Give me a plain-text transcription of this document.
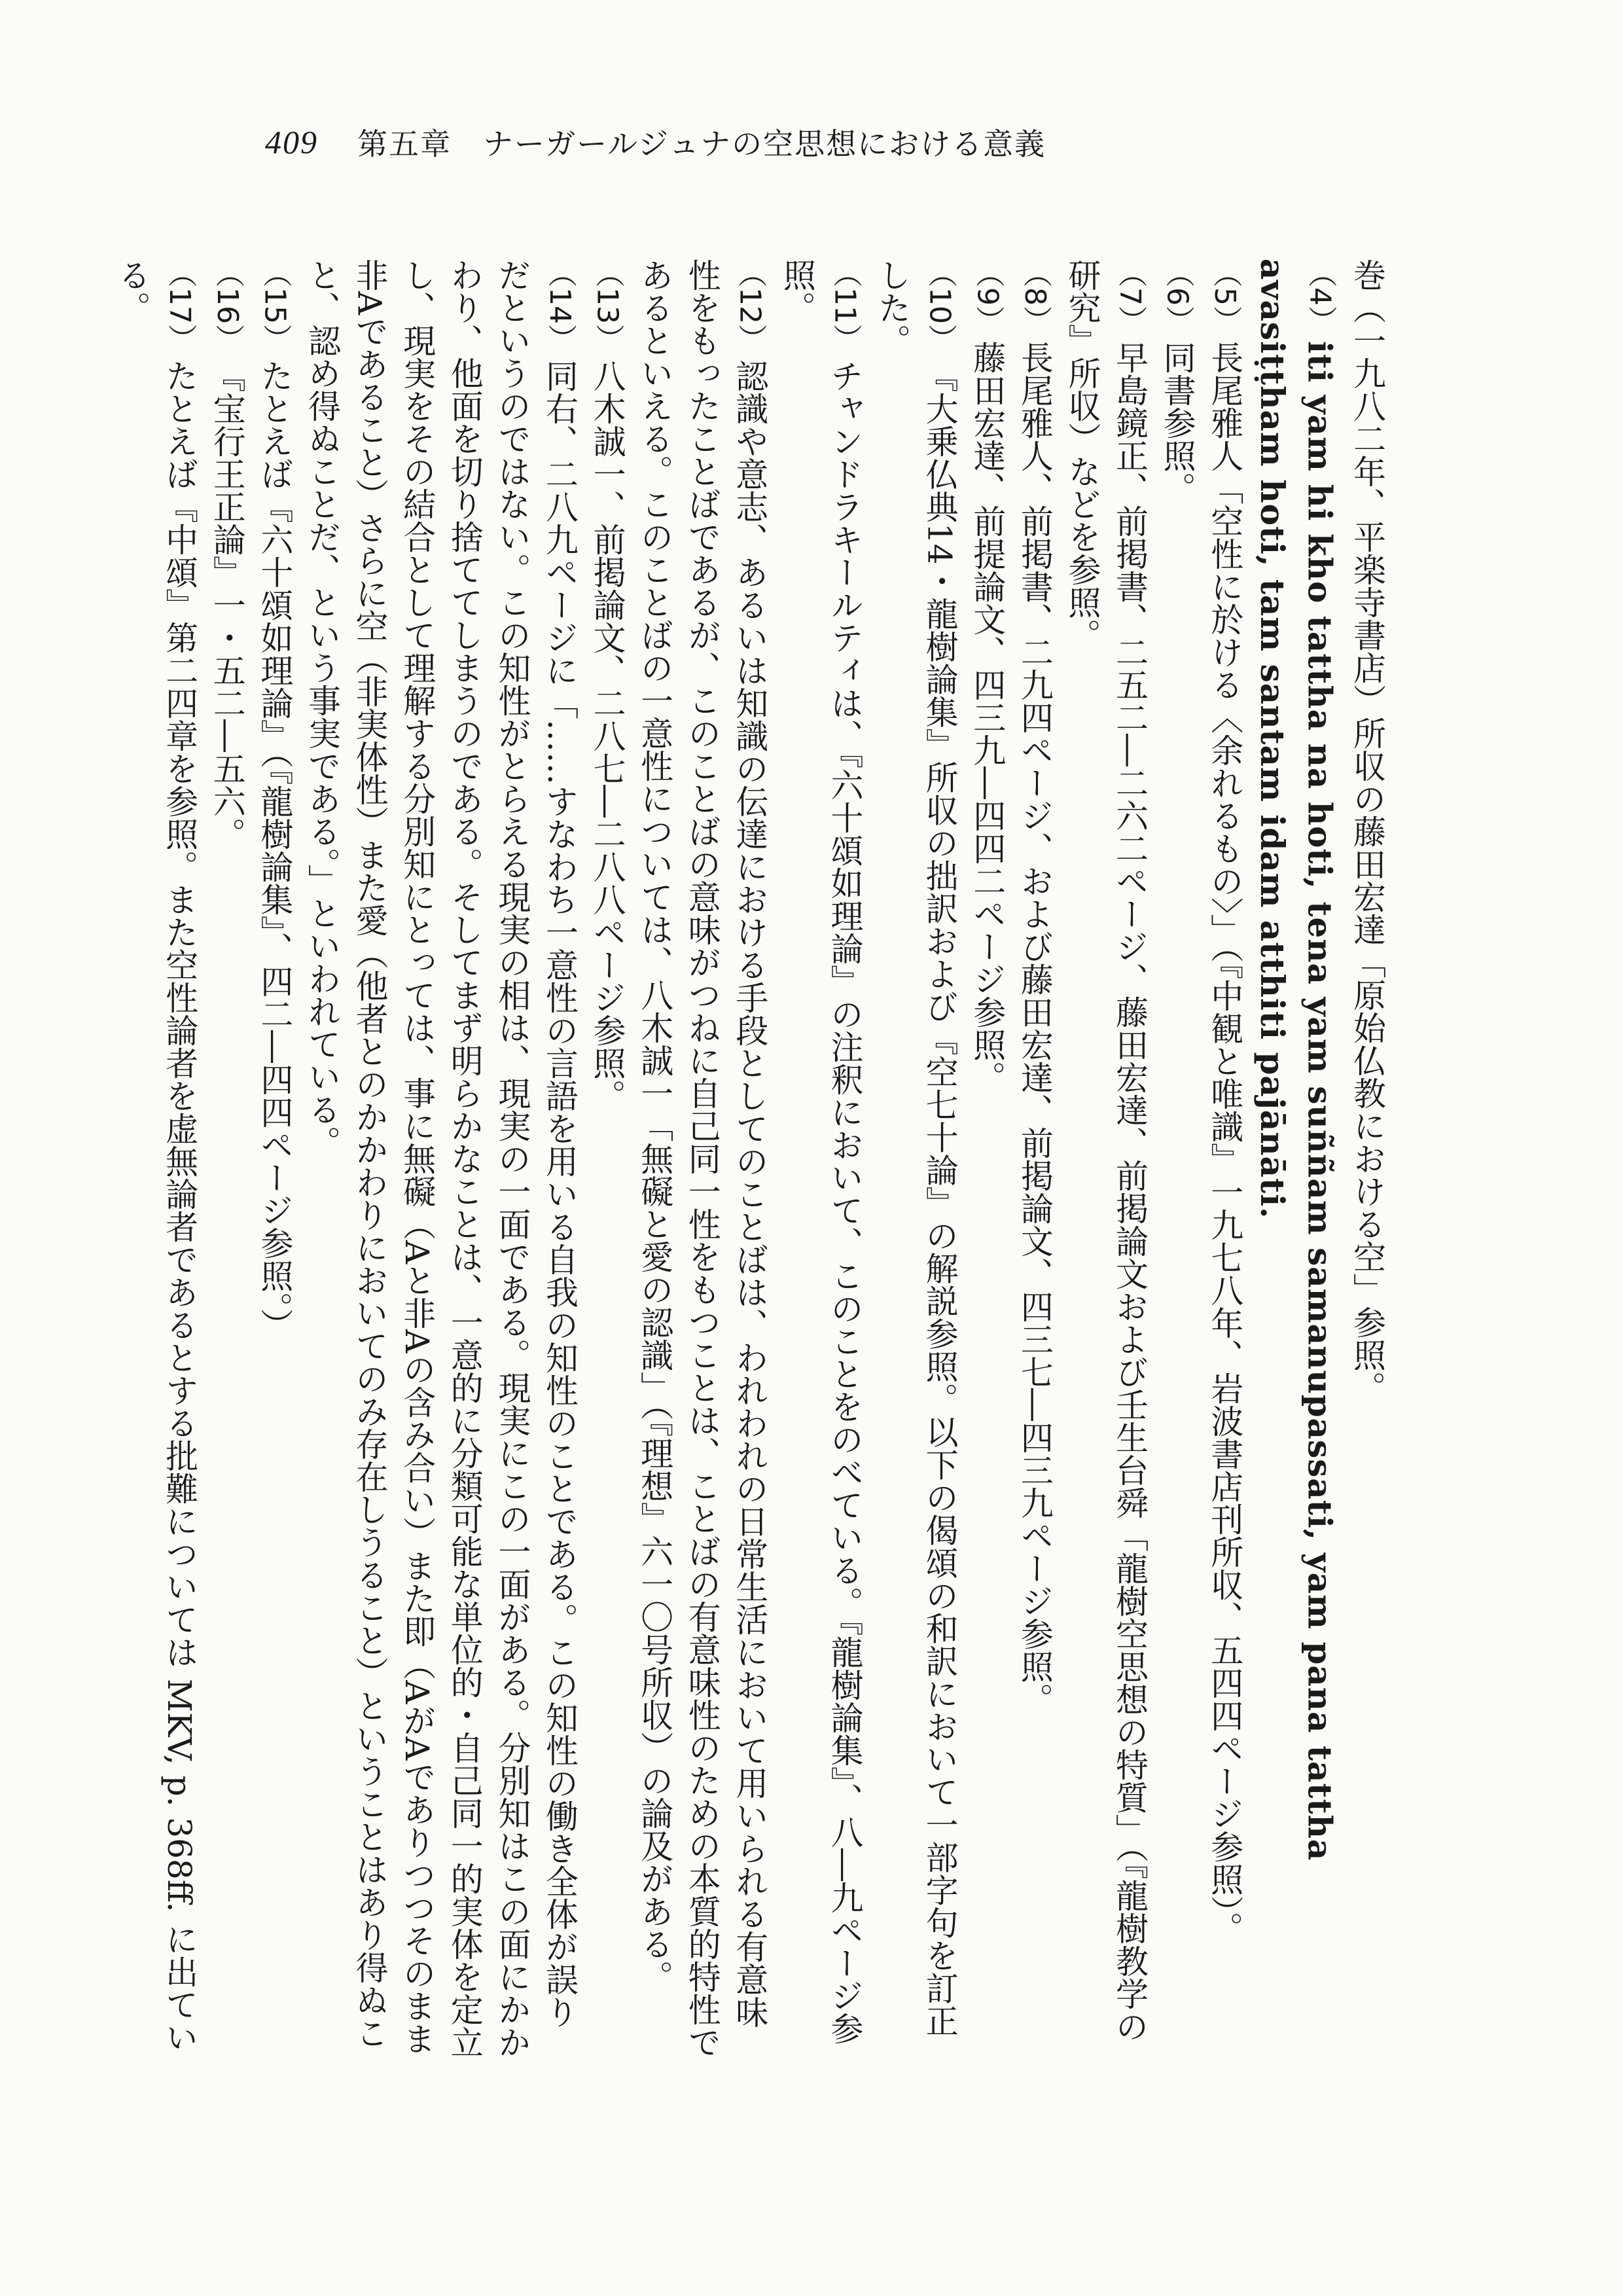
409 第五章　ナーガールジュナの空思想における意義

巻（一九八二年、平楽寺書店）所収の藤田宏達「原始仏教における空」参照。

（4）iti yam hi kho tattha na hoti, tena yam suññam samanupassati, yam pana tattha avasiṭṭham hoti, tam santam idam atthiti pajānāti.

（5）長尾雅人「空性に於ける〈余れるもの〉」（『中観と唯識』一九七八年、岩波書店刊所収、五四四ページ参照）。

（6）同書参照。

（7）早島鏡正、前掲書、二五二―二六二ページ、藤田宏達、前掲論文および壬生台舜「龍樹空思想の特質」（『龍樹教学の研究』所収）などを参照。

（8）長尾雅人、前掲書、二九四ページ、および藤田宏達、前掲論文、四三七―四三九ページ参照。

（9）藤田宏達、前提論文、四三九―四四二ページ参照。

（10）『大乗仏典14・龍樹論集』所収の拙訳および『空七十論』の解説参照。以下の偈頌の和訳において一部字句を訂正した。

（11）チャンドラキールティは、『六十頌如理論』の注釈において、このことをのべている。『龍樹論集』、八―九ページ参照。

（12）認識や意志、あるいは知識の伝達における手段としてのことばは、われわれの日常生活において用いられる有意味性をもったことばであるが、このことばの意味がつねに自己同一性をもつことは、ことばの有意味性のための本質的特性であるといえる。このことばの一意性については、八木誠一「無礙と愛の認識」（『理想』六一〇号所収）の論及がある。

（13）八木誠一、前掲論文、二八七―二八八ページ参照。

（14）同右、二八九ページに「……すなわち一意性の言語を用いる自我の知性のことである。この知性の働き全体が誤りだというのではない。この知性がとらえる現実の相は、現実の一面である。現実にこの一面がある。分別知はこの面にかかわり、他面を切り捨ててしまうのである。そしてまず明らかなことは、一意的に分類可能な単位的・自己同一的実体を定立し、現実をその結合として理解する分別知にとっては、事に無礙（Aと非Aの含み合い）また即（AがAでありつつそのまま非Aであること）さらに空（非実体性）また愛（他者とのかかわりにおいてのみ存在しうること）ということはあり得ぬこと、認め得ぬことだ、という事実である。」といわれている。

（15）たとえば『六十頌如理論』（『龍樹論集』、四二―四四ページ参照。）

（16）『宝行王正論』一・五二―五六。

（17）たとえば『中頌』第二四章を参照。また空性論者を虚無論者であるとする批難については MKV, p. 368ff. に出ている。
